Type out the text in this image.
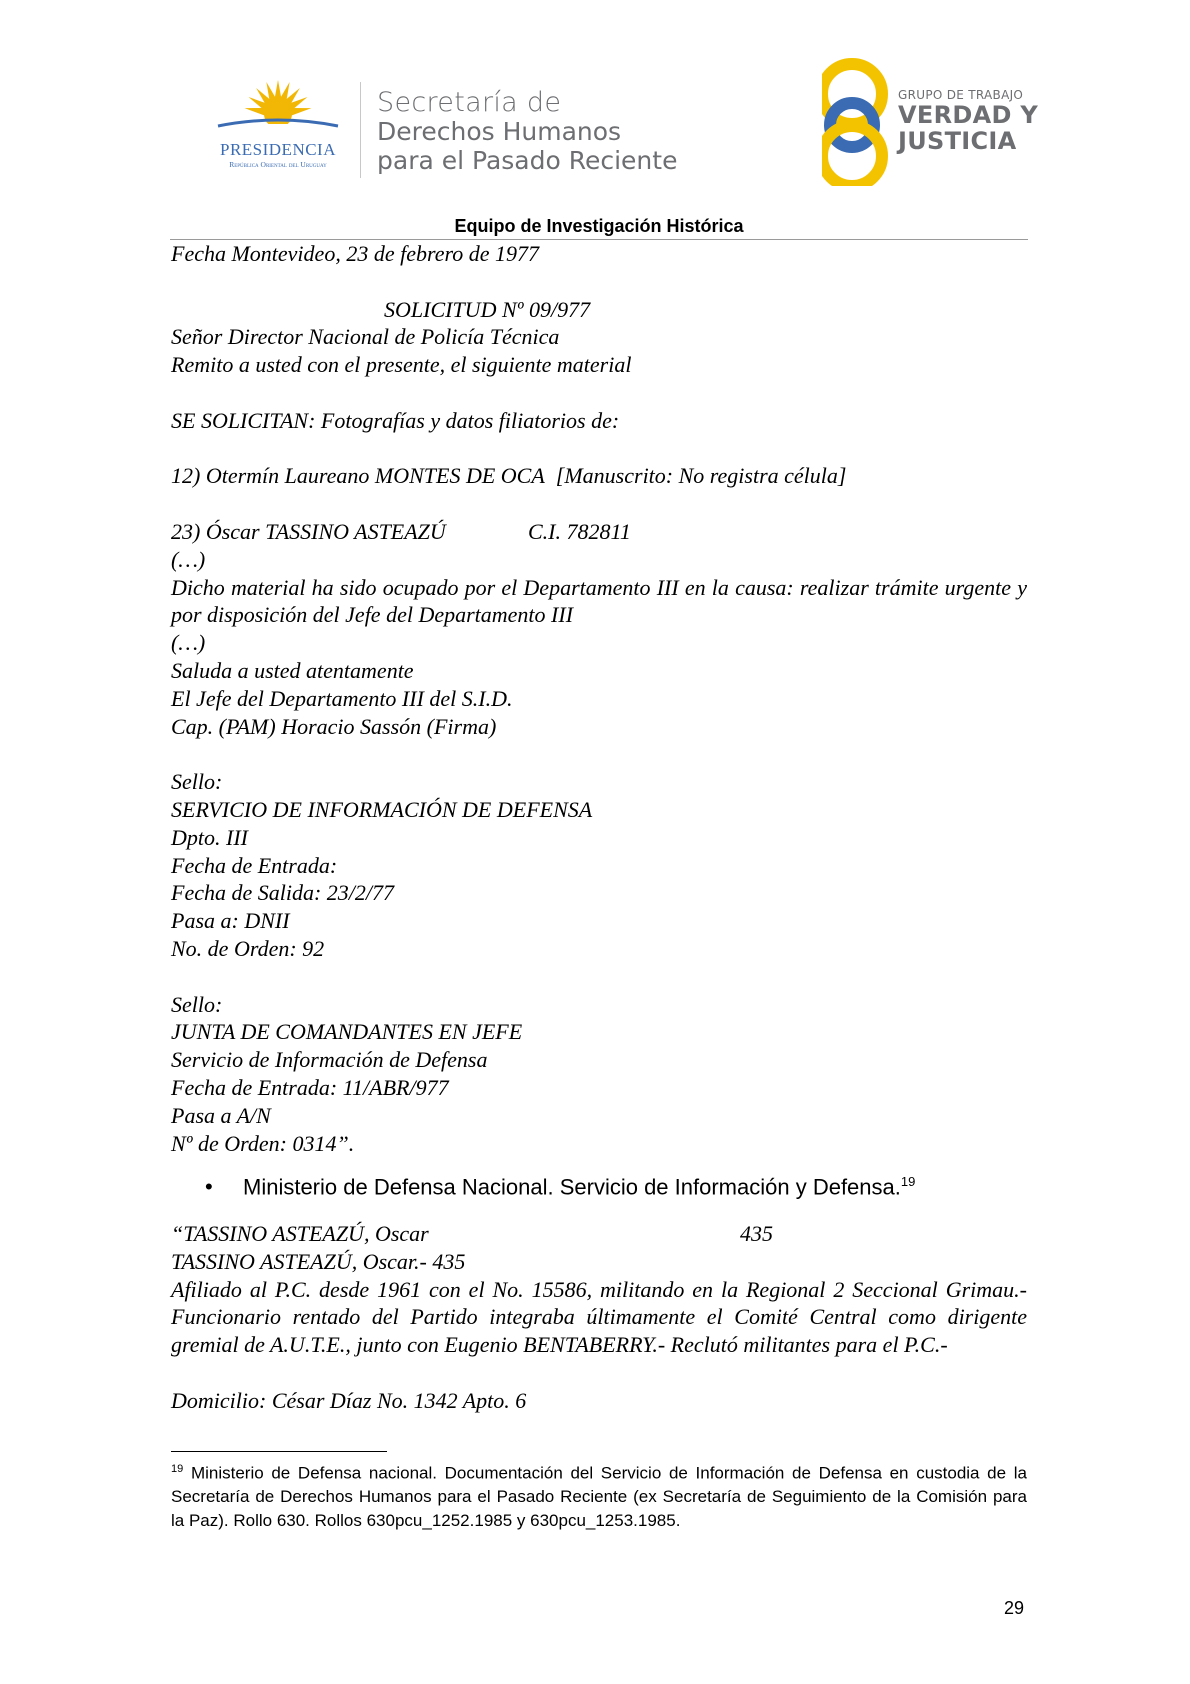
PRESIDENCIA
República Oriental del Uruguay
Secretaría de
Derechos Humanos
para el Pasado Reciente
GRUPO DE TRABAJO
VERDAD Y
JUSTICIA
Equipo de Investigación Histórica

Fecha Montevideo, 23 de febrero de 1977

SOLICITUD Nº 09/977

Señor Director Nacional de Policía Técnica

Remito a usted con el presente, el siguiente material

SE SOLICITAN: Fotografías y datos filiatorios de:

12) Otermín Laureano MONTES DE OCA [Manuscrito: No registra célula]

23) Óscar TASSINO ASTEAZÚ	C.I. 782811

(…)

Dicho material ha sido ocupado por el Departamento III en la causa: realizar trámite urgente y por disposición del Jefe del Departamento III

(…)

Saluda a usted atentamente

El Jefe del Departamento III del S.I.D.

Cap. (PAM) Horacio Sassón (Firma)

Sello:

SERVICIO DE INFORMACIÓN DE DEFENSA

Dpto. III

Fecha de Entrada:

Fecha de Salida: 23/2/77

Pasa a: DNII

No. de Orden: 92

Sello:

JUNTA DE COMANDANTES EN JEFE

Servicio de Información de Defensa

Fecha de Entrada: 11/ABR/977

Pasa a A/N

Nº de Orden: 0314”.

• Ministerio de Defensa Nacional. Servicio de Información y Defensa.$^{19}$

“TASSINO ASTEAZÚ, Oscar	435

TASSINO ASTEAZÚ, Oscar.- 435

Afiliado al P.C. desde 1961 con el No. 15586, militando en la Regional 2 Seccional Grimau.- Funcionario rentado del Partido integraba últimamente el Comité Central como dirigente gremial de A.U.T.E., junto con Eugenio BENTABERRY.- Reclutó militantes para el P.C.-

Domicilio: César Díaz No. 1342 Apto. 6

$^{19}$ Ministerio de Defensa nacional. Documentación del Servicio de Información de Defensa en custodia de la Secretaría de Derechos Humanos para el Pasado Reciente (ex Secretaría de Seguimiento de la Comisión para la Paz). Rollo 630. Rollos 630pcu_1252.1985 y 630pcu_1253.1985.
29
